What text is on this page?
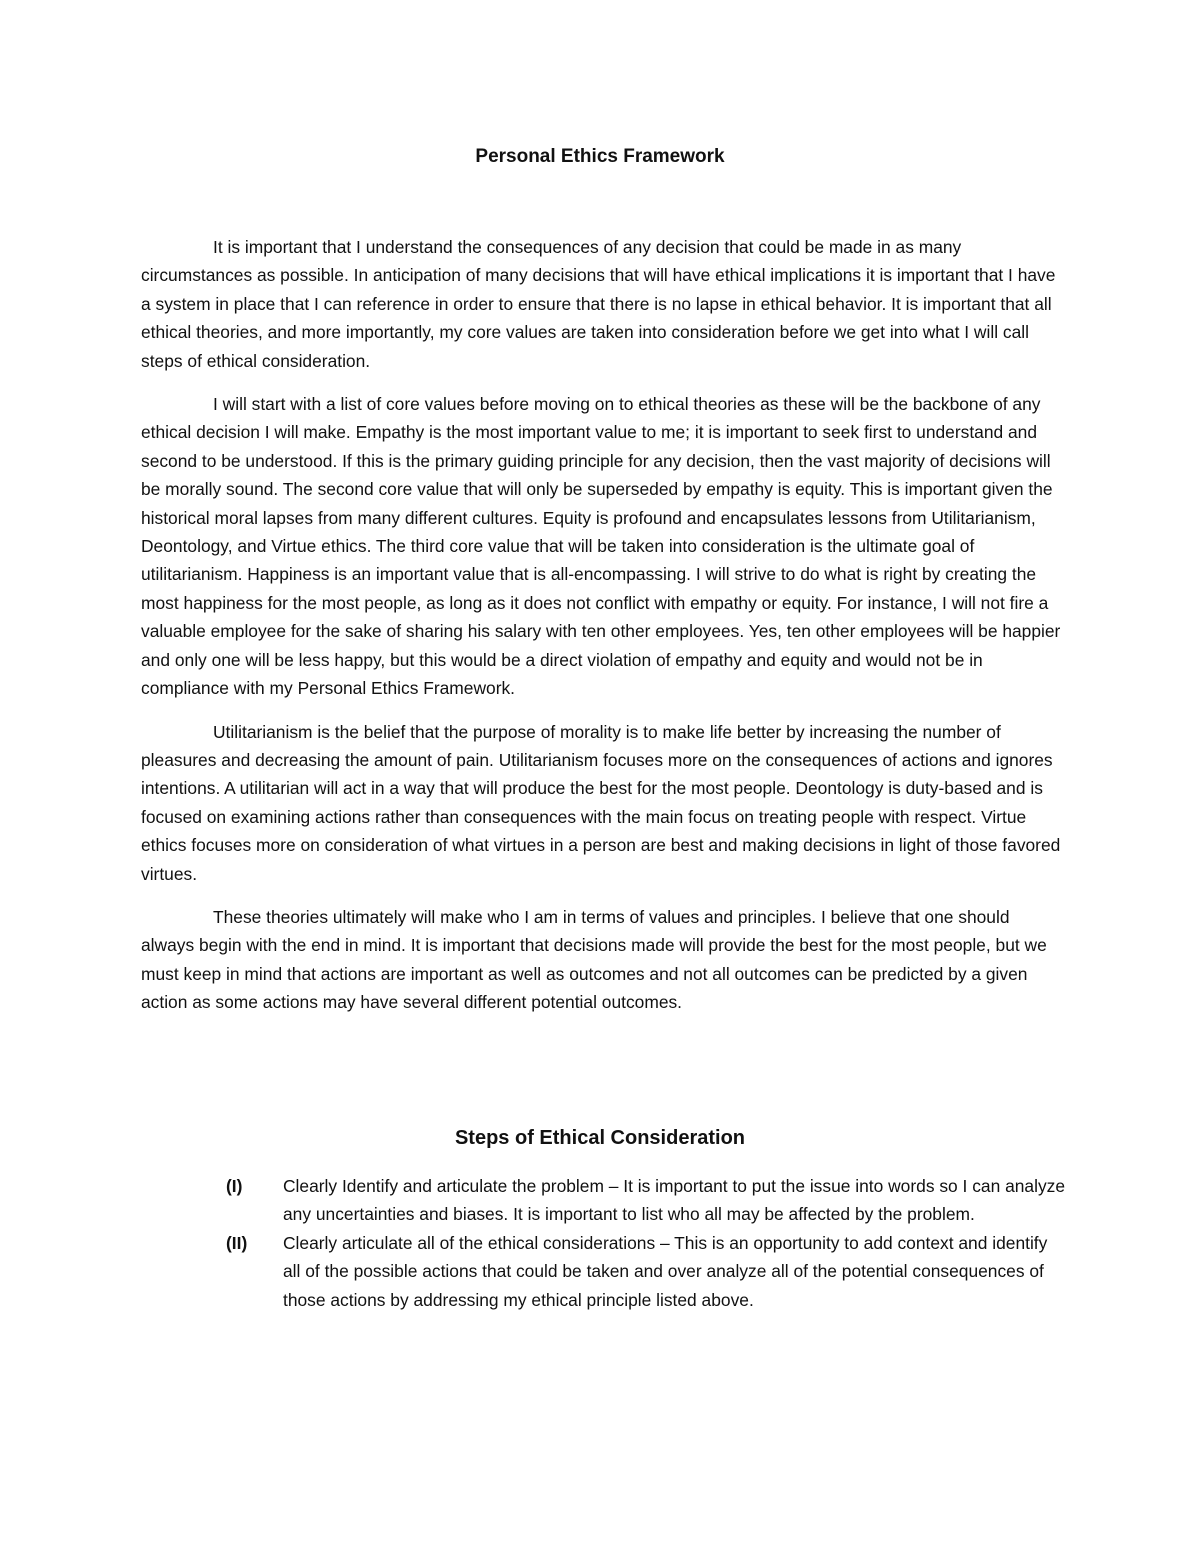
Personal Ethics Framework

It is important that I understand the consequences of any decision that could be made in as many circumstances as possible. In anticipation of many decisions that will have ethical implications it is important that I have a system in place that I can reference in order to ensure that there is no lapse in ethical behavior. It is important that all ethical theories, and more importantly, my core values are taken into consideration before we get into what I will call steps of ethical consideration.

I will start with a list of core values before moving on to ethical theories as these will be the backbone of any ethical decision I will make. Empathy is the most important value to me; it is important to seek first to understand and second to be understood. If this is the primary guiding principle for any decision, then the vast majority of decisions will be morally sound. The second core value that will only be superseded by empathy is equity. This is important given the historical moral lapses from many different cultures. Equity is profound and encapsulates lessons from Utilitarianism, Deontology, and Virtue ethics. The third core value that will be taken into consideration is the ultimate goal of utilitarianism. Happiness is an important value that is all-encompassing. I will strive to do what is right by creating the most happiness for the most people, as long as it does not conflict with empathy or equity. For instance, I will not fire a valuable employee for the sake of sharing his salary with ten other employees. Yes, ten other employees will be happier and only one will be less happy, but this would be a direct violation of empathy and equity and would not be in compliance with my Personal Ethics Framework.

Utilitarianism is the belief that the purpose of morality is to make life better by increasing the number of pleasures and decreasing the amount of pain. Utilitarianism focuses more on the consequences of actions and ignores intentions. A utilitarian will act in a way that will produce the best for the most people. Deontology is duty-based and is focused on examining actions rather than consequences with the main focus on treating people with respect. Virtue ethics focuses more on consideration of what virtues in a person are best and making decisions in light of those favored virtues.

These theories ultimately will make who I am in terms of values and principles. I believe that one should always begin with the end in mind. It is important that decisions made will provide the best for the most people, but we must keep in mind that actions are important as well as outcomes and not all outcomes can be predicted by a given action as some actions may have several different potential outcomes.

Steps of Ethical Consideration
(I) Clearly Identify and articulate the problem – It is important to put the issue into words so I can analyze any uncertainties and biases. It is important to list who all may be affected by the problem.
(II) Clearly articulate all of the ethical considerations – This is an opportunity to add context and identify all of the possible actions that could be taken and over analyze all of the potential consequences of those actions by addressing my ethical principle listed above.
